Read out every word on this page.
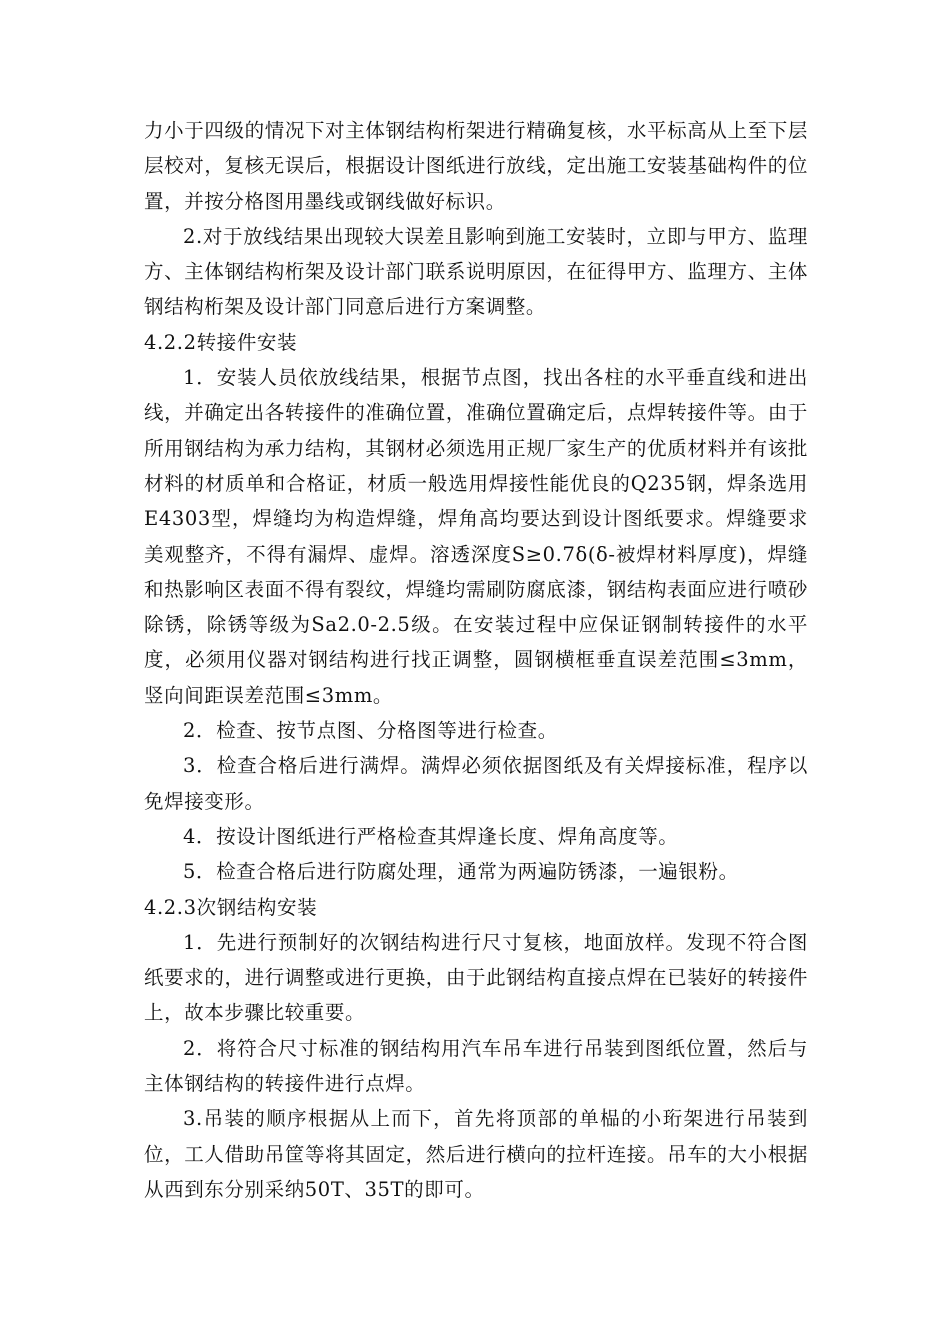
力小于四级的情况下对主体钢结构桁架进行精确复核，水平标高从上至下层层校对，复核无误后，根据设计图纸进行放线，定出施工安装基础构件的位置，并按分格图用墨线或钢线做好标识。

2.对于放线结果出现较大误差且影响到施工安装时，立即与甲方、监理方、主体钢结构桁架及设计部门联系说明原因，在征得甲方、监理方、主体钢结构桁架及设计部门同意后进行方案调整。

4.2.2转接件安装

1．安装人员依放线结果，根据节点图，找出各柱的水平垂直线和进出线，并确定出各转接件的准确位置，准确位置确定后，点焊转接件等。由于所用钢结构为承力结构，其钢材必须选用正规厂家生产的优质材料并有该批材料的材质单和合格证，材质一般选用焊接性能优良的Q235钢，焊条选用E4303型，焊缝均为构造焊缝，焊角高均要达到设计图纸要求。焊缝要求美观整齐，不得有漏焊、虚焊。溶透深度S≥0.7δ(δ-被焊材料厚度)，焊缝和热影响区表面不得有裂纹，焊缝均需刷防腐底漆，钢结构表面应进行喷砂除锈，除锈等级为Sa2.0-2.5级。在安装过程中应保证钢制转接件的水平度，必须用仪器对钢结构进行找正调整，圆钢横框垂直误差范围≤3mm，竖向间距误差范围≤3mm。

2．检查、按节点图、分格图等进行检查。

3．检查合格后进行满焊。满焊必须依据图纸及有关焊接标准，程序以免焊接变形。

4．按设计图纸进行严格检查其焊逢长度、焊角高度等。

5．检查合格后进行防腐处理，通常为两遍防锈漆，一遍银粉。

4.2.3次钢结构安装

1．先进行预制好的次钢结构进行尺寸复核，地面放样。发现不符合图纸要求的，进行调整或进行更换，由于此钢结构直接点焊在已装好的转接件上，故本步骤比较重要。

2．将符合尺寸标准的钢结构用汽车吊车进行吊装到图纸位置，然后与主体钢结构的转接件进行点焊。

3.吊装的顺序根据从上而下，首先将顶部的单榀的小珩架进行吊装到位，工人借助吊筐等将其固定，然后进行横向的拉杆连接。吊车的大小根据从西到东分别采纳50T、35T的即可。
